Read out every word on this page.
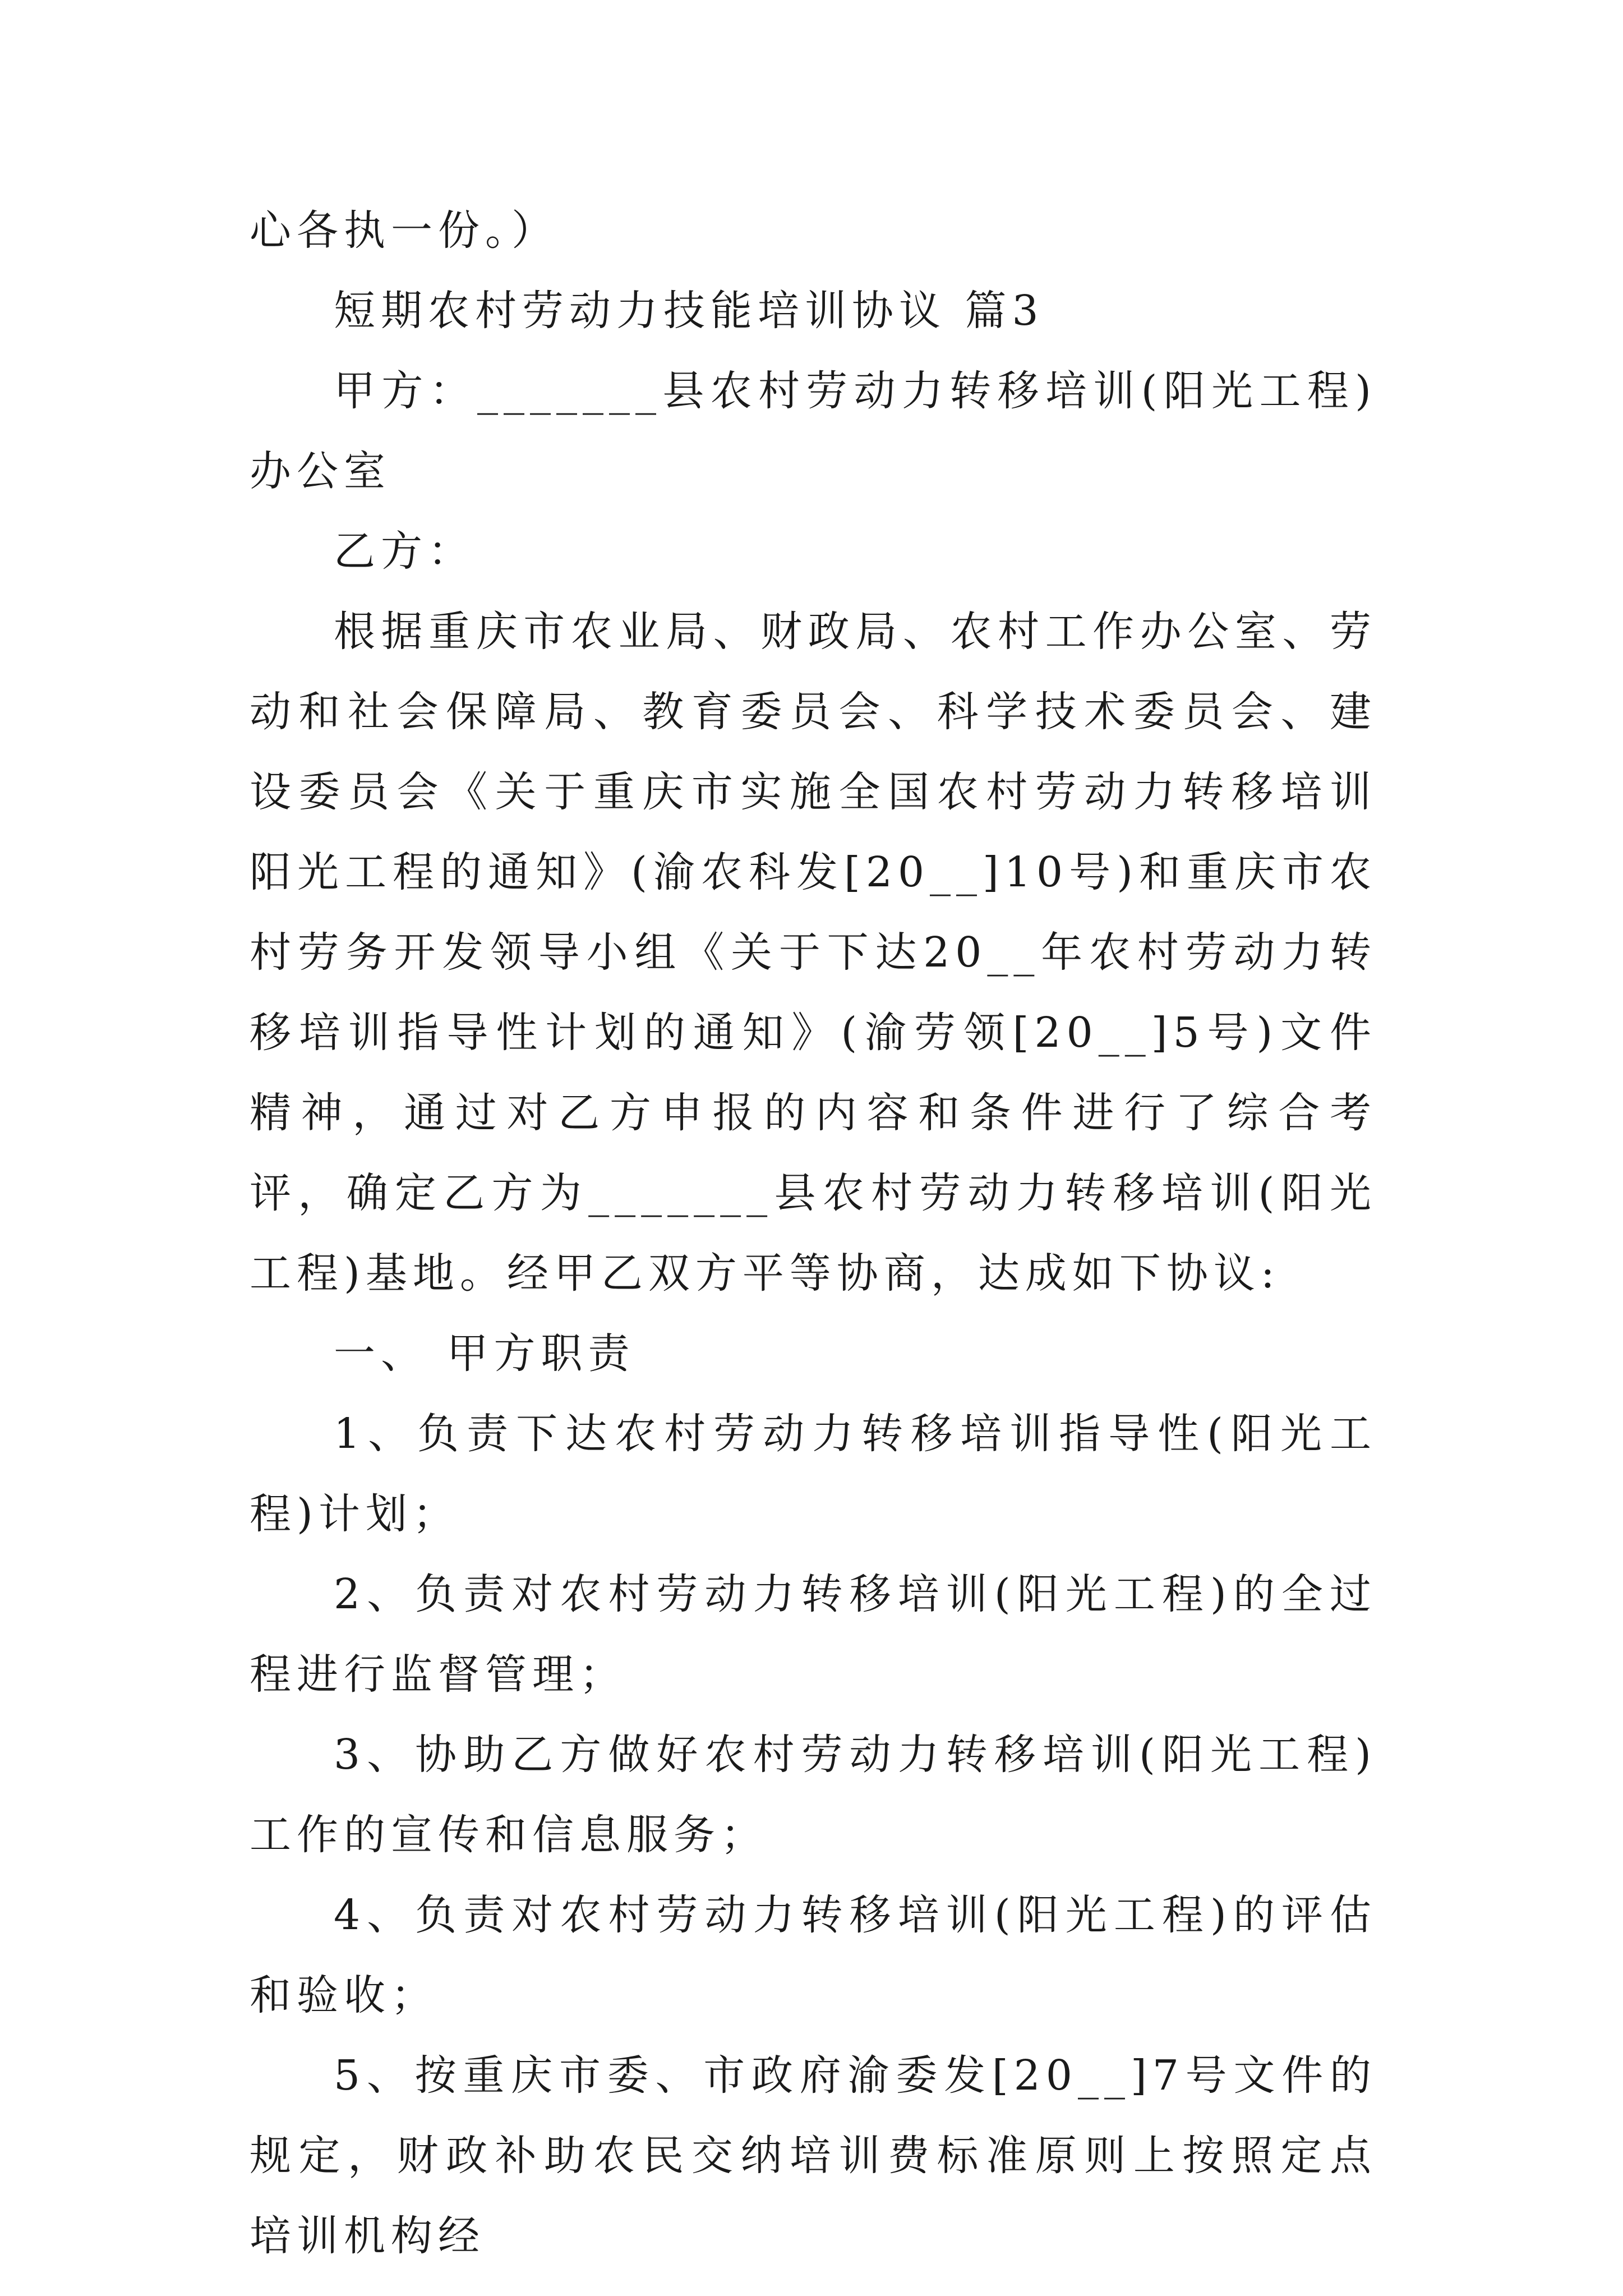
心各执一份。）

短期农村劳动力技能培训协议 篇3

甲方：_______县农村劳动力转移培训(阳光工程)办公室

乙方：

根据重庆市农业局、财政局、农村工作办公室、劳动和社会保障局、教育委员会、科学技术委员会、建设委员会《关于重庆市实施全国农村劳动力转移培训阳光工程的通知》(渝农科发[20__]10号)和重庆市农村劳务开发领导小组《关于下达20__年农村劳动力转移培训指导性计划的通知》(渝劳领[20__]5号)文件精神，通过对乙方申报的内容和条件进行了综合考评，确定乙方为_______县农村劳动力转移培训(阳光工程)基地。经甲乙双方平等协商，达成如下协议:

一、 甲方职责

1、负责下达农村劳动力转移培训指导性(阳光工程)计划；

2、负责对农村劳动力转移培训(阳光工程)的全过程进行监督管理；

3、协助乙方做好农村劳动力转移培训(阳光工程)工作的宣传和信息服务；

4、负责对农村劳动力转移培训(阳光工程)的评估和验收；

5、按重庆市委、市政府渝委发[20__]7号文件的规定，财政补助农民交纳培训费标准原则上按照定点培训机构经
